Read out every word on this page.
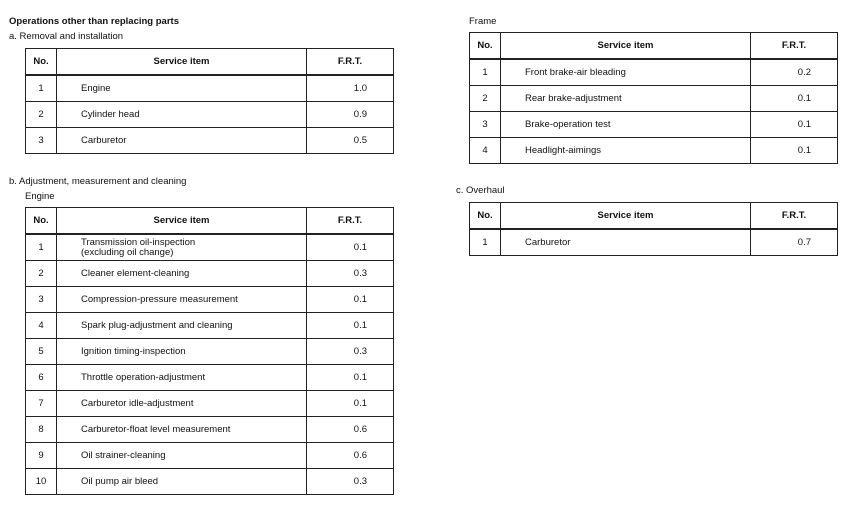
Operations other than replacing parts
a. Removal and installation
No.	Service item	F.R.T.
1	Engine	1.0
2	Cylinder head	0.9
3	Carburetor	0.5
b. Adjustment, measurement and cleaning
Engine
No.	Service item	F.R.T.
1	Transmission oil-inspection
(excluding oil change)	0.1
2	Cleaner element-cleaning	0.3
3	Compression-pressure measurement	0.1
4	Spark plug-adjustment and cleaning	0.1
5	Ignition timing-inspection	0.3
6	Throttle operation-adjustment	0.1
7	Carburetor idle-adjustment	0.1
8	Carburetor-float level measurement	0.6
9	Oil strainer-cleaning	0.6
10	Oil pump air bleed	0.3
Frame
No.	Service item	F.R.T.
1	Front brake-air bleading	0.2
2	Rear brake-adjustment	0.1
3	Brake-operation test	0.1
4	Headlight-aimings	0.1
c. Overhaul
No.	Service item	F.R.T.
1	Carburetor	0.7
